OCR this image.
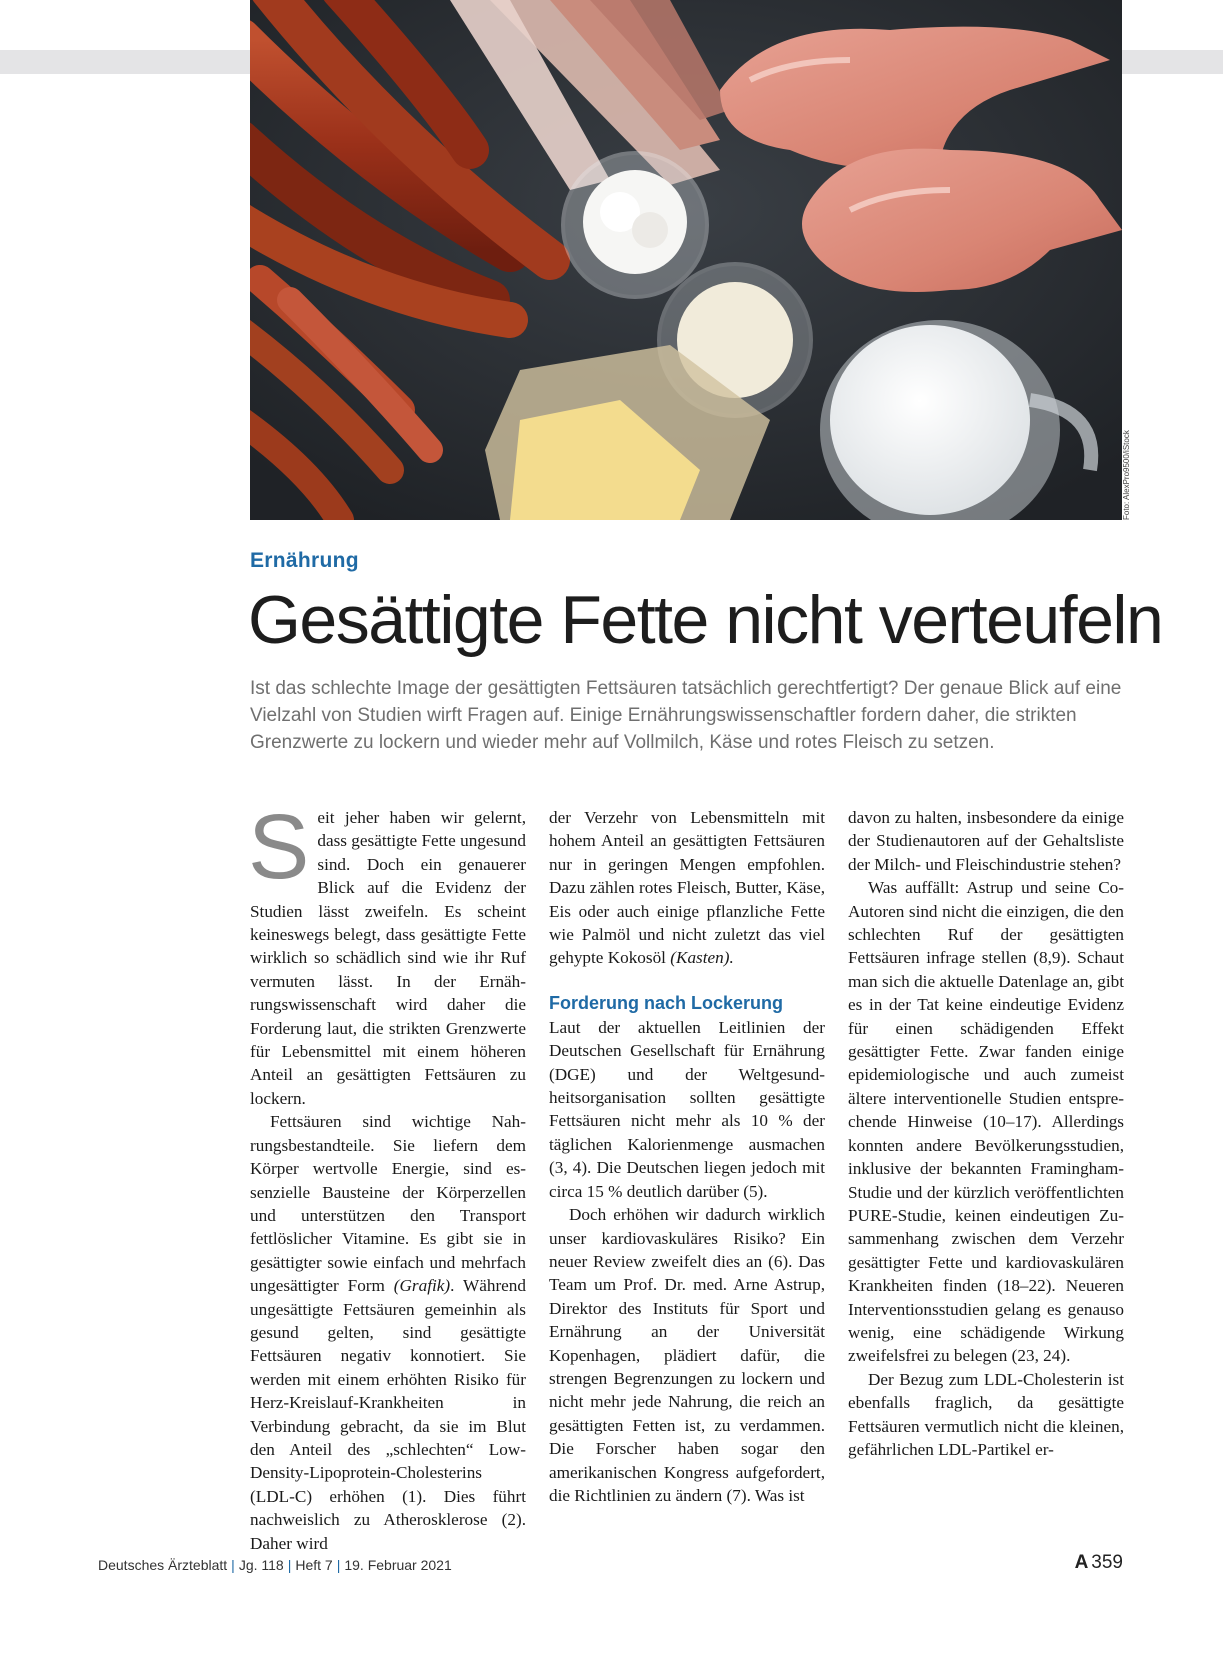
Foto: AlexPro9500/iStock
Ernährung
Gesättigte Fette nicht verteufeln

Ist das schlechte Image der gesättigten Fettsäuren tatsächlich gerechtfertigt? Der genaue Blick auf eine Vielzahl von Studien wirft Fragen auf. Einige Ernährungswissenschaftler fordern daher, die strikten Grenzwerte zu lockern und wieder mehr auf Vollmilch, Käse und rotes Fleisch zu setzen.

Seit jeher haben wir gelernt, dass gesättigte Fette ungesund sind. Doch ein genauerer Blick auf die Evidenz der Studien lässt zweifeln. Es scheint keineswegs belegt, dass gesättigte Fette wirklich so schädlich sind wie ihr Ruf vermuten lässt. In der Ernährungswissenschaft wird daher die Forderung laut, die strikten Grenzwerte für Lebensmittel mit einem höheren Anteil an gesättigten Fettsäuren zu lockern.

Fettsäuren sind wichtige Nahrungsbestandteile. Sie liefern dem Körper wertvolle Energie, sind essenzielle Bausteine der Körperzellen und unterstützen den Transport fettlöslicher Vitamine. Es gibt sie in gesättigter sowie einfach und mehrfach ungesättigter Form (Grafik). Während ungesättigte Fettsäuren gemeinhin als gesund gelten, sind gesättigte Fettsäuren negativ konnotiert. Sie werden mit einem erhöhten Risiko für Herz-Kreislauf-Krankheiten in Verbindung gebracht, da sie im Blut den Anteil des „schlechten“ Low-Density-Lipoprotein-Cholesterins (LDL-C) erhöhen (1). Dies führt nachweislich zu Atherosklerose (2). Daher wird

der Verzehr von Lebensmitteln mit hohem Anteil an gesättigten Fettsäuren nur in geringen Mengen empfohlen. Dazu zählen rotes Fleisch, Butter, Käse, Eis oder auch einige pflanzliche Fette wie Palmöl und nicht zuletzt das viel gehypte Kokosöl (Kasten).

Forderung nach Lockerung

Laut der aktuellen Leitlinien der Deutschen Gesellschaft für Ernährung (DGE) und der Weltgesundheitsorganisation sollten gesättigte Fettsäuren nicht mehr als 10 % der täglichen Kalorienmenge ausmachen (3, 4). Die Deutschen liegen jedoch mit circa 15 % deutlich darüber (5).

Doch erhöhen wir dadurch wirklich unser kardiovaskuläres Risiko? Ein neuer Review zweifelt dies an (6). Das Team um Prof. Dr. med. Arne Astrup, Direktor des Instituts für Sport und Ernährung an der Universität Kopenhagen, plädiert dafür, die strengen Begrenzungen zu lockern und nicht mehr jede Nahrung, die reich an gesättigten Fetten ist, zu verdammen. Die Forscher haben sogar den amerikanischen Kongress aufgefordert, die Richtlinien zu ändern (7). Was ist

davon zu halten, insbesondere da einige der Studienautoren auf der Gehaltsliste der Milch- und Fleischindustrie stehen?

Was auffällt: Astrup und seine Co-Autoren sind nicht die einzigen, die den schlechten Ruf der gesättigten Fettsäuren infrage stellen (8,9). Schaut man sich die aktuelle Datenlage an, gibt es in der Tat keine eindeutige Evidenz für einen schädigenden Effekt gesättigter Fette. Zwar fanden einige epidemiologische und auch zumeist ältere interventionelle Studien entsprechende Hinweise (10–17). Allerdings konnten andere Bevölkerungsstudien, inklusive der bekannten Framingham-Studie und der kürzlich veröffentlichten PURE-Studie, keinen eindeutigen Zusammenhang zwischen dem Verzehr gesättigter Fette und kardiovaskulären Krankheiten finden (18–22). Neueren Interventionsstudien gelang es genauso wenig, eine schädigende Wirkung zweifelsfrei zu belegen (23, 24).

Der Bezug zum LDL-Cholesterin ist ebenfalls fraglich, da gesättigte Fettsäuren vermutlich nicht die kleinen, gefährlichen LDL-Partikel er-

Deutsches Ärzteblatt | Jg. 118 | Heft 7 | 19. Februar 2021	A 359
